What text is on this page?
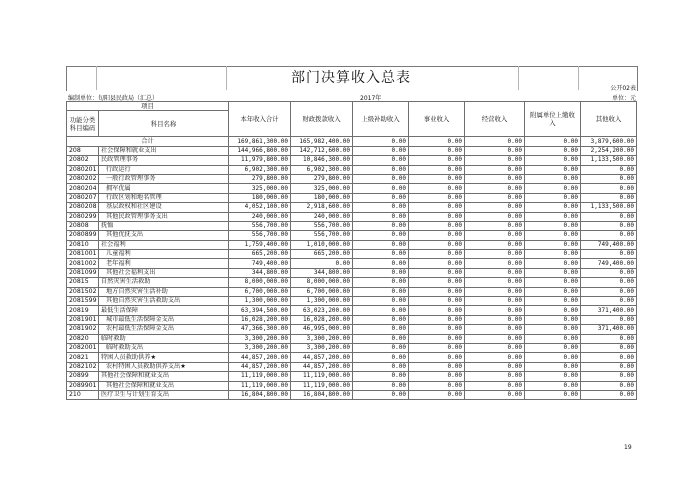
部门决算收入总表
公开02表
编制单位：旬阳县民政局（汇总）	2017年	单位：元
项目		本年收入合计	财政拨款收入	上级补助收入	事业收入	经营收入	附属单位上缴收入	其他收入
功能分类科目编码	科目名称							
合计		169,861,300.00	165,982,400.00	0.00	0.00	0.00	0.00	3,879,600.00
208	社会保障和就业支出	144,966,800.00	142,712,600.00	0.00	0.00	0.00	0.00	2,254,200.00
20802	民政管理事务	11,979,800.00	10,846,300.00	0.00	0.00	0.00	0.00	1,133,500.00
2080201	行政运行	6,902,300.00	6,902,300.00	0.00	0.00	0.00	0.00	0.00
2080202	一般行政管理事务	279,800.00	279,800.00	0.00	0.00	0.00	0.00	0.00
2080204	拥军优属	325,000.00	325,000.00	0.00	0.00	0.00	0.00	0.00
2080207	行政区划和地名管理	180,000.00	180,000.00	0.00	0.00	0.00	0.00	0.00
2080208	基层政权和社区建设	4,052,100.00	2,918,600.00	0.00	0.00	0.00	0.00	1,133,500.00
2080299	其他民政管理事务支出	240,000.00	240,000.00	0.00	0.00	0.00	0.00	0.00
20808	抚恤	556,700.00	556,700.00	0.00	0.00	0.00	0.00	0.00
2080899	其他优抚支出	556,700.00	556,700.00	0.00	0.00	0.00	0.00	0.00
20810	社会福利	1,759,400.00	1,010,000.00	0.00	0.00	0.00	0.00	749,400.00
2081001	儿童福利	665,200.00	665,200.00	0.00	0.00	0.00	0.00	0.00
2081002	老年福利	749,400.00	0.00	0.00	0.00	0.00	0.00	749,400.00
2081099	其他社会福利支出	344,800.00	344,800.00	0.00	0.00	0.00	0.00	0.00
20815	自然灾害生活救助	8,000,000.00	8,000,000.00	0.00	0.00	0.00	0.00	0.00
2081502	地方自然灾害生活补助	6,700,000.00	6,700,000.00	0.00	0.00	0.00	0.00	0.00
2081599	其他自然灾害生活救助支出	1,300,000.00	1,300,000.00	0.00	0.00	0.00	0.00	0.00
20819	最低生活保障	63,394,500.00	63,023,200.00	0.00	0.00	0.00	0.00	371,400.00
2081901	城市最低生活保障金支出	16,028,200.00	16,028,200.00	0.00	0.00	0.00	0.00	0.00
2081902	农村最低生活保障金支出	47,366,300.00	46,995,000.00	0.00	0.00	0.00	0.00	371,400.00
20820	临时救助	3,300,200.00	3,300,200.00	0.00	0.00	0.00	0.00	0.00
2082001	临时救助支出	3,300,200.00	3,300,200.00	0.00	0.00	0.00	0.00	0.00
20821	特困人员救助供养★	44,857,200.00	44,857,200.00	0.00	0.00	0.00	0.00	0.00
2082102	农村特困人员救助供养支出★	44,857,200.00	44,857,200.00	0.00	0.00	0.00	0.00	0.00
20899	其他社会保障和就业支出	11,119,000.00	11,119,000.00	0.00	0.00	0.00	0.00	0.00
2089901	其他社会保障和就业支出	11,119,000.00	11,119,000.00	0.00	0.00	0.00	0.00	0.00
210	医疗卫生与计划生育支出	16,804,800.00	16,804,800.00	0.00	0.00	0.00	0.00	0.00
19
